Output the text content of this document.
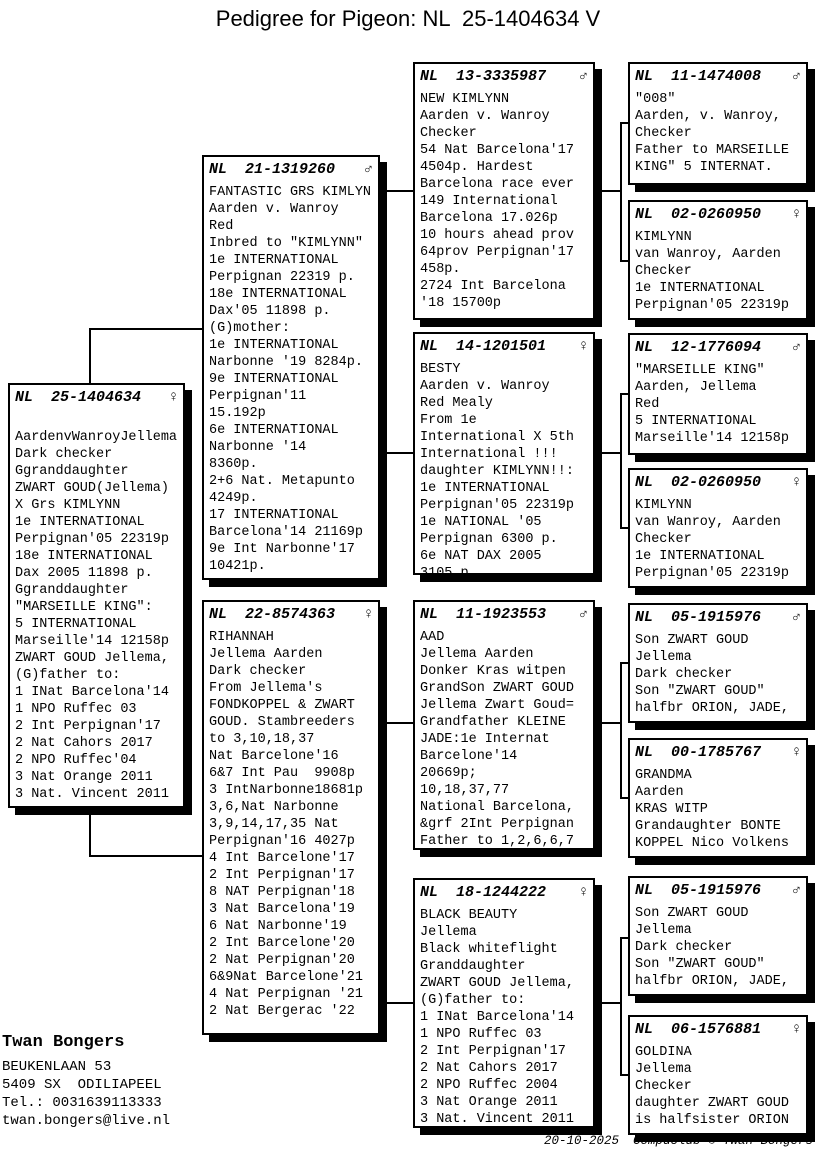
Pedigree for Pigeon: NL  25-1404634 V
NL  25-1404634 ♀
AardenvWanroyJellema
Dark checker
Ggranddaughter
ZWART GOUD(Jellema)
X Grs KIMLYNN
1e INTERNATIONAL
Perpignan'05 22319p
18e INTERNATIONAL
Dax 2005 11898 p.
Ggranddaughter
"MARSEILLE KING":
5 INTERNATIONAL
Marseille'14 12158p
ZWART GOUD Jellema,
(G)father to:
1 INat Barcelona'14
1 NPO Ruffec 03
2 Int Perpignan'17
2 Nat Cahors 2017
2 NPO Ruffec'04
3 Nat Orange 2011
3 Nat. Vincent 2011
NL  21-1319260 ♂
FANTASTIC GRS KIMLYN
Aarden v. Wanroy
Red
Inbred to "KIMLYNN"
1e INTERNATIONAL
Perpignan 22319 p.
18e INTERNATIONAL
Dax'05 11898 p.
(G)mother:
1e INTERNATIONAL
Narbonne '19 8284p.
9e INTERNATIONAL
Perpignan'11
15.192p
6e INTERNATIONAL
Narbonne '14
8360p.
2+6 Nat. Metapunto
4249p.
17 INTERNATIONAL
Barcelona'14 21169p
9e Int Narbonne'17
10421p.
NL  22-8574363 ♀
RIHANNAH
Jellema Aarden
Dark checker
From Jellema's
FONDKOPPEL & ZWART
GOUD. Stambreeders
to 3,10,18,37
Nat Barcelone'16
6&7 Int Pau  9908p
3 IntNarbonne18681p
3,6,Nat Narbonne
3,9,14,17,35 Nat
Perpignan'16 4027p
4 Int Barcelone'17
2 Int Perpignan'17
8 NAT Perpignan'18
3 Nat Barcelona'19
6 Nat Narbonne'19
2 Int Barcelone'20
2 Nat Perpignan'20
6&9Nat Barcelone'21
4 Nat Perpignan '21
2 Nat Bergerac '22
NL  13-3335987 ♂
NEW KIMLYNN
Aarden v. Wanroy
Checker
54 Nat Barcelona'17
4504p. Hardest
Barcelona race ever
149 International
Barcelona 17.026p
10 hours ahead prov
64prov Perpignan'17
458p.
2724 Int Barcelona
'18 15700p
NL  14-1201501 ♀
BESTY
Aarden v. Wanroy
Red Mealy
From 1e
International X 5th
International !!!
daughter KIMLYNN!!:
1e INTERNATIONAL
Perpignan'05 22319p
1e NATIONAL '05
Perpignan 6300 p.
6e NAT DAX 2005
3105 p.
NL  11-1923553 ♂
AAD
Jellema Aarden
Donker Kras witpen
GrandSon ZWART GOUD
Jellema Zwart Goud=
Grandfather KLEINE
JADE:1e Internat
Barcelone'14
20669p;
10,18,37,77
National Barcelona,
&grf 2Int Perpignan
Father to 1,2,6,6,7
NL  18-1244222 ♀
BLACK BEAUTY
Jellema
Black whiteflight
Granddaughter
ZWART GOUD Jellema,
(G)father to:
1 INat Barcelona'14
1 NPO Ruffec 03
2 Int Perpignan'17
2 Nat Cahors 2017
2 NPO Ruffec 2004
3 Nat Orange 2011
3 Nat. Vincent 2011
NL  11-1474008 ♂
"008"
Aarden, v. Wanroy,
Checker
Father to MARSEILLE
KING" 5 INTERNAT.
NL  02-0260950 ♀
KIMLYNN
van Wanroy, Aarden
Checker
1e INTERNATIONAL
Perpignan'05 22319p
NL  12-1776094 ♂
"MARSEILLE KING"
Aarden, Jellema
Red
5 INTERNATIONAL
Marseille'14 12158p
NL  02-0260950 ♀
KIMLYNN
van Wanroy, Aarden
Checker
1e INTERNATIONAL
Perpignan'05 22319p
NL  05-1915976 ♂
Son ZWART GOUD
Jellema
Dark checker
Son "ZWART GOUD"
halfbr ORION, JADE,
NL  00-1785767 ♀
GRANDMA
Aarden
KRAS WITP
Grandaughter BONTE
KOPPEL Nico Volkens
NL  05-1915976 ♂
Son ZWART GOUD
Jellema
Dark checker
Son "ZWART GOUD"
halfbr ORION, JADE,
NL  06-1576881 ♀
GOLDINA
Jellema
Checker
daughter ZWART GOUD
is halfsister ORION
Twan Bongers
BEUKENLAAN 53
5409 SX  ODILIAPEEL
Tel.: 0031639113333
twan.bongers@live.nl
20-10-2025 Compuclub © Twan Bongers
